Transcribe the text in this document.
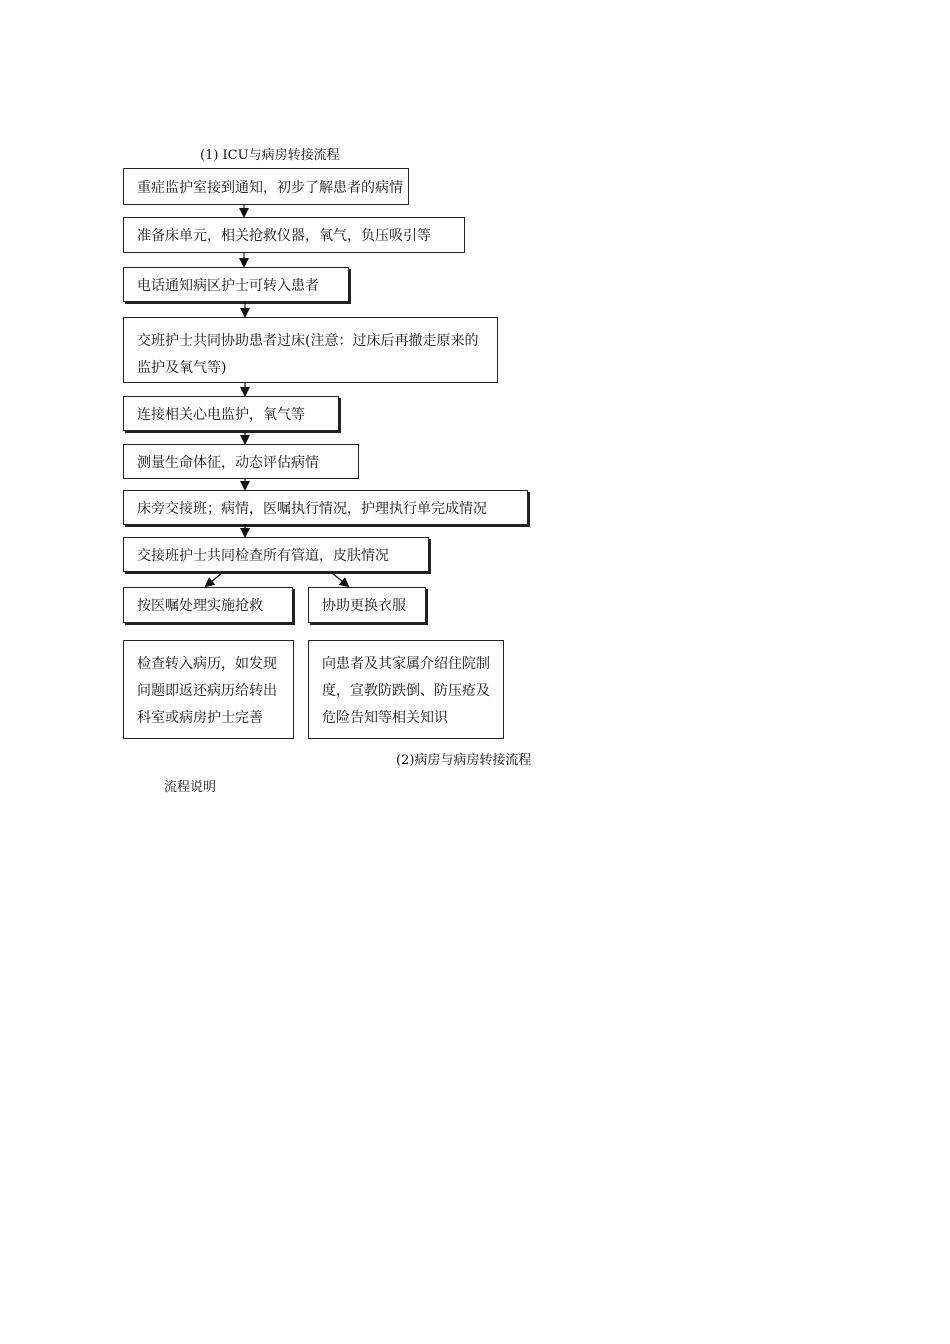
(1) ICU与病房转接流程
重症监护室接到通知，初步了解患者的病情
准备床单元，相关抢救仪器，氧气，负压吸引等
电话通知病区护士可转入患者
交班护士共同协助患者过床(注意：过床后再撤走原来的监护及氧气等)
连接相关心电监护，氧气等
测量生命体征，动态评估病情
床旁交接班；病情，医嘱执行情况，护理执行单完成情况
交接班护士共同检查所有管道，皮肤情况
按医嘱处理实施抢救	协助更换衣服
检查转入病历，如发现问题即返还病历给转出科室或病房护士完善
向患者及其家属介绍住院制度，宣教防跌倒、防压疮及危险告知等相关知识
(2)病房与病房转接流程
流程说明
